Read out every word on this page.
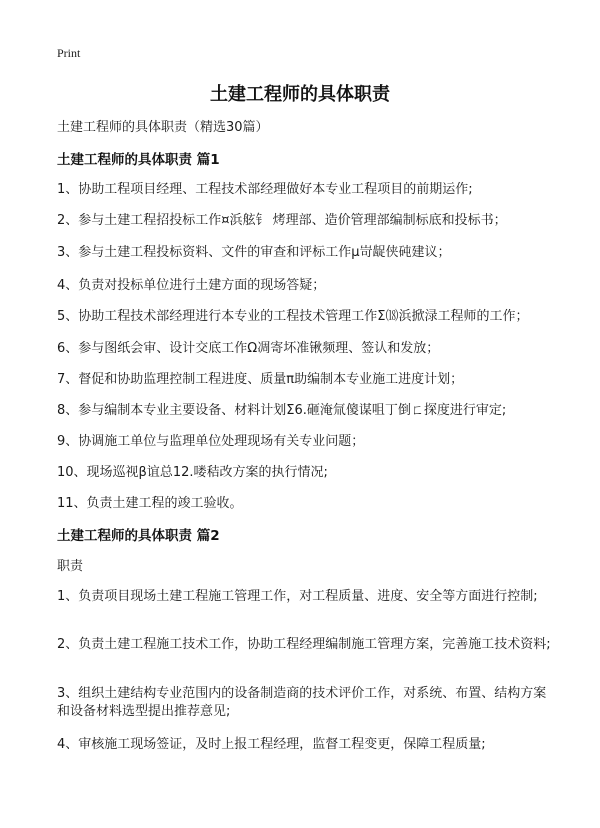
Print
土建工程师的具体职责
土建工程师的具体职责（精选30篇）
土建工程师的具体职责 篇1
1、协助工程项目经理、工程技术部经理做好本专业工程项目的前期运作;
2、参与土建工程招投标工作¤浜舷钅 烤理部、造价管理部编制标底和投标书；
3、参与土建工程投标资料、文件的审查和评标工作µ岢龊侠砘建议；
4、负责对投标单位进行土建方面的现场答疑；
5、协助工程技术部经理进行本专业的工程技术管理工作Σ⒅浜掀渌工程师的工作；
6、参与图纸会审、设计交底工作Ω凋寄坏准锹频理、签认和发放；
7、督促和协助监理控制工程进度、质量π助编制本专业施工进度计划；
8、参与编制本专业主要设备、材料计划Σ6.砸淹氚傻谋咀丁倒ㄈ探度进行审定;
9、协调施工单位与监理单位处理现场有关专业问题；
10、现场巡视β谊总12.喽秸改方案的执行情况;
11、负责土建工程的竣工验收。
土建工程师的具体职责 篇2
职责
1、负责项目现场土建工程施工管理工作，对工程质量、进度、安全等方面进行控制;
2、负责土建工程施工技术工作，协助工程经理编制施工管理方案，完善施工技术资料;
3、组织土建结构专业范围内的设备制造商的技术评价工作，对系统、布置、结构方案和设备材料选型提出推荐意见;
4、审核施工现场签证，及时上报工程经理，监督工程变更，保障工程质量;
